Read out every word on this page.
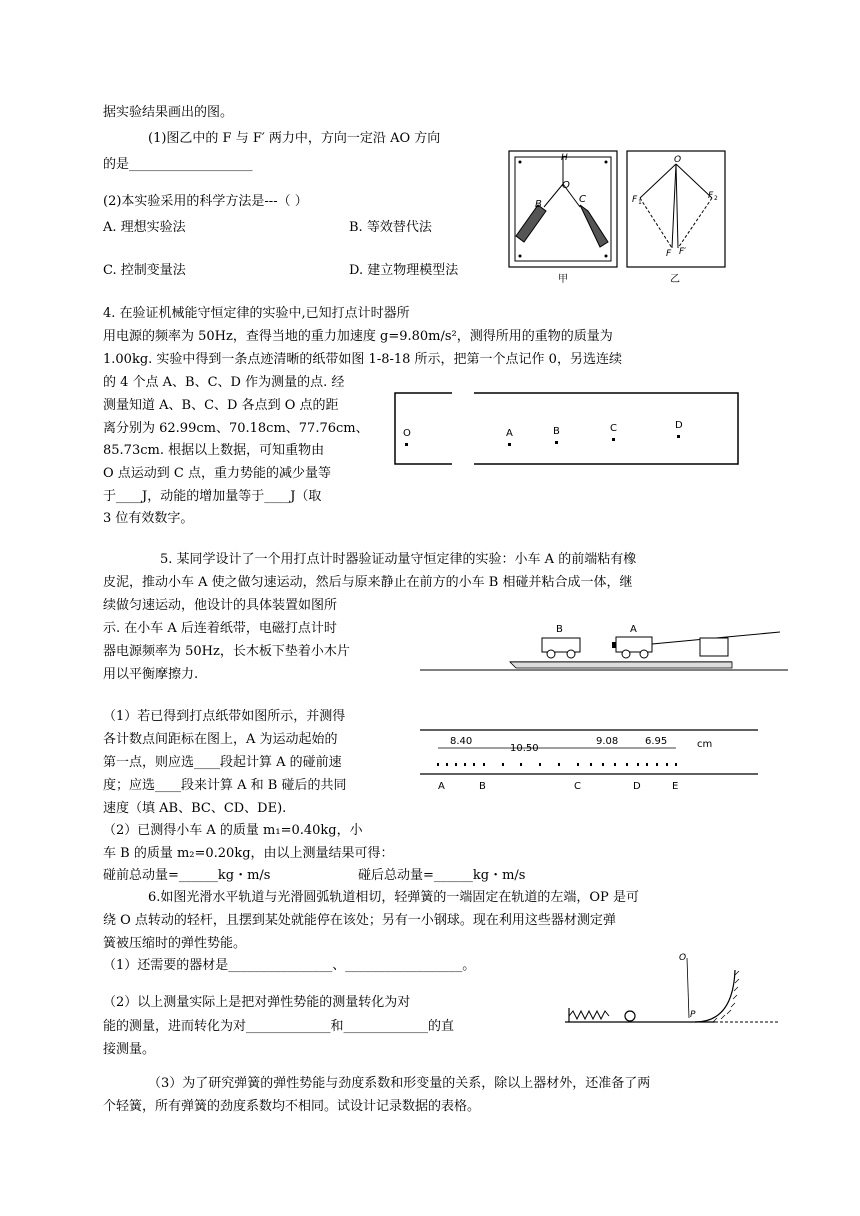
据实验结果画出的图。
(1)图乙中的 F 与 F′ 两力中，方向一定沿 AO 方向
的是___________________
(2)本实验采用的科学方法是---（ ）
A. 理想实验法	B. 等效替代法
C. 控制变量法	D. 建立物理模型法
4. 在验证机械能守恒定律的实验中,已知打点计时器所
用电源的频率为 50Hz，查得当地的重力加速度 g=9.80m/s²，测得所用的重物的质量为
1.00kg. 实验中得到一条点迹清晰的纸带如图 1-8-18 所示，把第一个点记作 0，另选连续
的 4 个点 A、B、C、D 作为测量的点. 经
测量知道 A、B、C、D 各点到 O 点的距
离分别为 62.99cm、70.18cm、77.76cm、
85.73cm. 根据以上数据，可知重物由
O 点运动到 C 点，重力势能的减少量等
于____J，动能的增加量等于____J（取
3 位有效数字。
5. 某同学设计了一个用打点计时器验证动量守恒定律的实验：小车 A 的前端粘有橡
皮泥，推动小车 A 使之做匀速运动，然后与原来静止在前方的小车 B 相碰并粘合成一体，继
续做匀速运动，他设计的具体装置如图所
示. 在小车 A 后连着纸带，电磁打点计时
器电源频率为 50Hz，长木板下垫着小木片
用以平衡摩擦力.
（1）若已得到打点纸带如图所示，并测得
各计数点间距标在图上，A 为运动起始的
第一点，则应选____段起计算 A 的碰前速
度；应选____段来计算 A 和 B 碰后的共同
速度（填 AB、BC、CD、DE).
（2）已测得小车 A 的质量 m₁=0.40kg，小
车 B 的质量 m₂=0.20kg，由以上测量结果可得：
碰前总动量=______kg・m/s	碰后总动量=______kg・m/s
6.如图光滑水平轨道与光滑圆弧轨道相切，轻弹簧的一端固定在轨道的左端，OP 是可
绕 O 点转动的轻杆，且摆到某处就能停在该处；另有一小钢球。现在利用这些器材测定弹
簧被压缩时的弹性势能。
（1）还需要的器材是________________、__________________。
（2）以上测量实际上是把对弹性势能的测量转化为对
能的测量，进而转化为对_____________和_____________的直
接测量。
（3）为了研究弹簧的弹性势能与劲度系数和形变量的关系，除以上器材外，还准备了两
个轻簧，所有弹簧的劲度系数均不相同。试设计记录数据的表格。
H
O
B	C
甲
O
F 1
F 2
F F′
乙
O	A	B	C	D
B	A
8.40
10.50
9.08	6.95	cm
A	B	C	D	E
O
P
